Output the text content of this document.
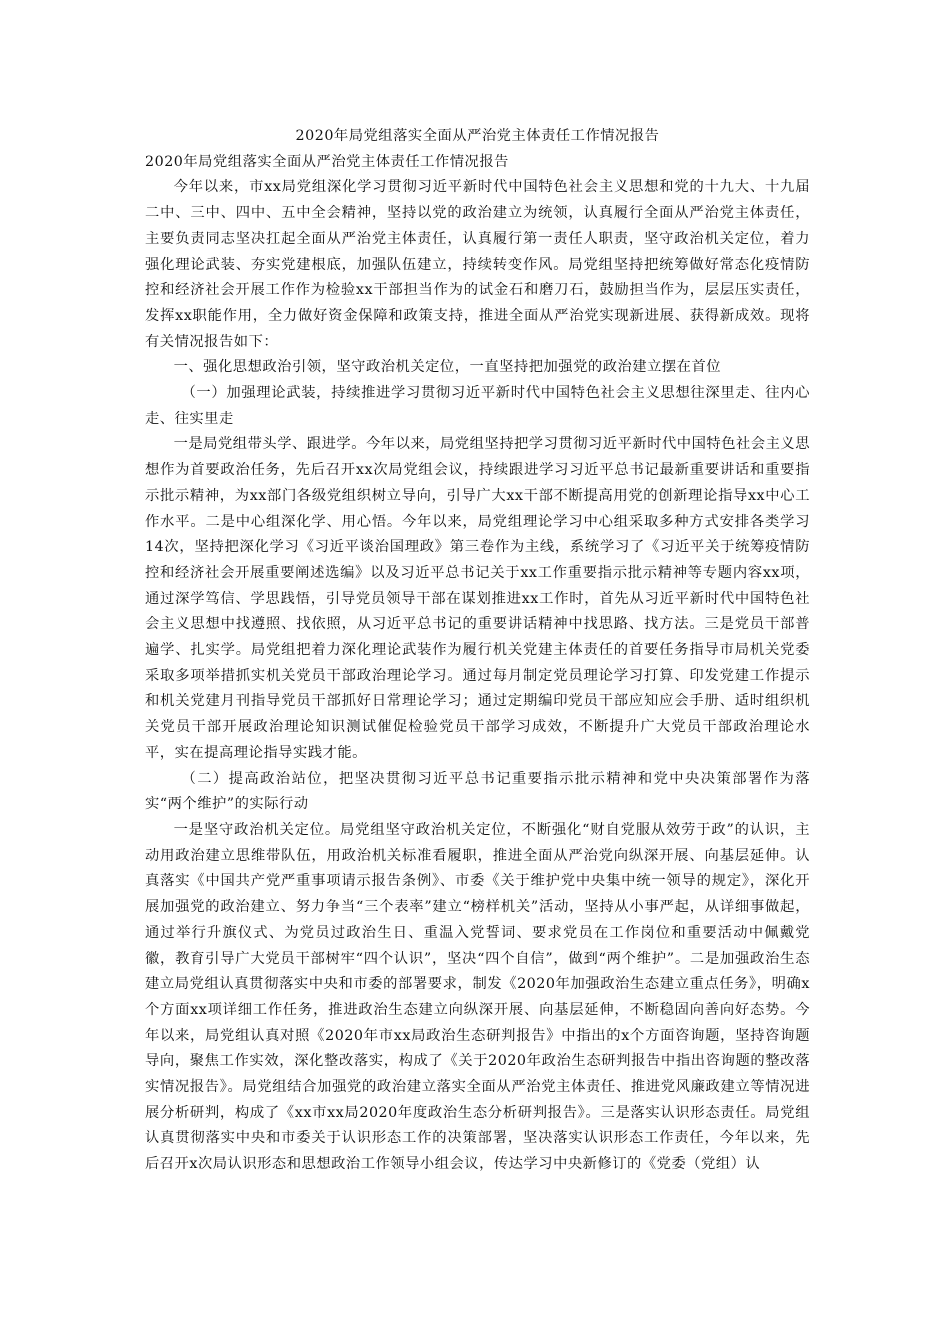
2020年局党组落实全面从严治党主体责任工作情况报告

2020年局党组落实全面从严治党主体责任工作情况报告

今年以来，市xx局党组深化学习贯彻习近平新时代中国特色社会主义思想和党的十九大、十九届二中、三中、四中、五中全会精神，坚持以党的政治建立为统领，认真履行全面从严治党主体责任，主要负责同志坚决扛起全面从严治党主体责任，认真履行第一责任人职责，坚守政治机关定位，着力强化理论武装、夯实党建根底，加强队伍建立，持续转变作风。局党组坚持把统筹做好常态化疫情防控和经济社会开展工作作为检验xx干部担当作为的试金石和磨刀石，鼓励担当作为，层层压实责任，发挥xx职能作用，全力做好资金保障和政策支持，推进全面从严治党实现新进展、获得新成效。现将有关情况报告如下：

一、强化思想政治引领，坚守政治机关定位，一直坚持把加强党的政治建立摆在首位

（一）加强理论武装，持续推进学习贯彻习近平新时代中国特色社会主义思想往深里走、往内心走、往实里走

一是局党组带头学、跟进学。今年以来，局党组坚持把学习贯彻习近平新时代中国特色社会主义思想作为首要政治任务，先后召开xx次局党组会议，持续跟进学习习近平总书记最新重要讲话和重要指示批示精神，为xx部门各级党组织树立导向，引导广大xx干部不断提高用党的创新理论指导xx中心工作水平。二是中心组深化学、用心悟。今年以来，局党组理论学习中心组采取多种方式安排各类学习14次，坚持把深化学习《习近平谈治国理政》第三卷作为主线，系统学习了《习近平关于统筹疫情防控和经济社会开展重要阐述选编》以及习近平总书记关于xx工作重要指示批示精神等专题内容xx项，通过深学笃信、学思践悟，引导党员领导干部在谋划推进xx工作时，首先从习近平新时代中国特色社会主义思想中找遵照、找依照，从习近平总书记的重要讲话精神中找思路、找方法。三是党员干部普遍学、扎实学。局党组把着力深化理论武装作为履行机关党建主体责任的首要任务指导市局机关党委采取多项举措抓实机关党员干部政治理论学习。通过每月制定党员理论学习打算、印发党建工作提示和机关党建月刊指导党员干部抓好日常理论学习；通过定期编印党员干部应知应会手册、适时组织机关党员干部开展政治理论知识测试催促检验党员干部学习成效，不断提升广大党员干部政治理论水平，实在提高理论指导实践才能。

（二）提高政治站位，把坚决贯彻习近平总书记重要指示批示精神和党中央决策部署作为落实“两个维护”的实际行动

一是坚守政治机关定位。局党组坚守政治机关定位，不断强化“财自党服从效劳于政”的认识，主动用政治建立思维带队伍，用政治机关标准看履职，推进全面从严治党向纵深开展、向基层延伸。认真落实《中国共产党严重事项请示报告条例》、市委《关于维护党中央集中统一领导的规定》，深化开展加强党的政治建立、努力争当“三个表率”建立“榜样机关”活动，坚持从小事严起，从详细事做起，通过举行升旗仪式、为党员过政治生日、重温入党誓词、要求党员在工作岗位和重要活动中佩戴党徽，教育引导广大党员干部树牢“四个认识”，坚决“四个自信”，做到“两个维护”。二是加强政治生态建立局党组认真贯彻落实中央和市委的部署要求，制发《2020年加强政治生态建立重点任务》，明确x个方面xx项详细工作任务，推进政治生态建立向纵深开展、向基层延伸，不断稳固向善向好态势。今年以来，局党组认真对照《2020年市xx局政治生态研判报告》中指出的x个方面咨询题，坚持咨询题导向，聚焦工作实效，深化整改落实，构成了《关于2020年政治生态研判报告中指出咨询题的整改落实情况报告》。局党组结合加强党的政治建立落实全面从严治党主体责任、推进党风廉政建立等情况进展分析研判，构成了《xx市xx局2020年度政治生态分析研判报告》。三是落实认识形态责任。局党组认真贯彻落实中央和市委关于认识形态工作的决策部署，坚决落实认识形态工作责任，今年以来，先后召开x次局认识形态和思想政治工作领导小组会议，传达学习中央新修订的《党委（党组）认
